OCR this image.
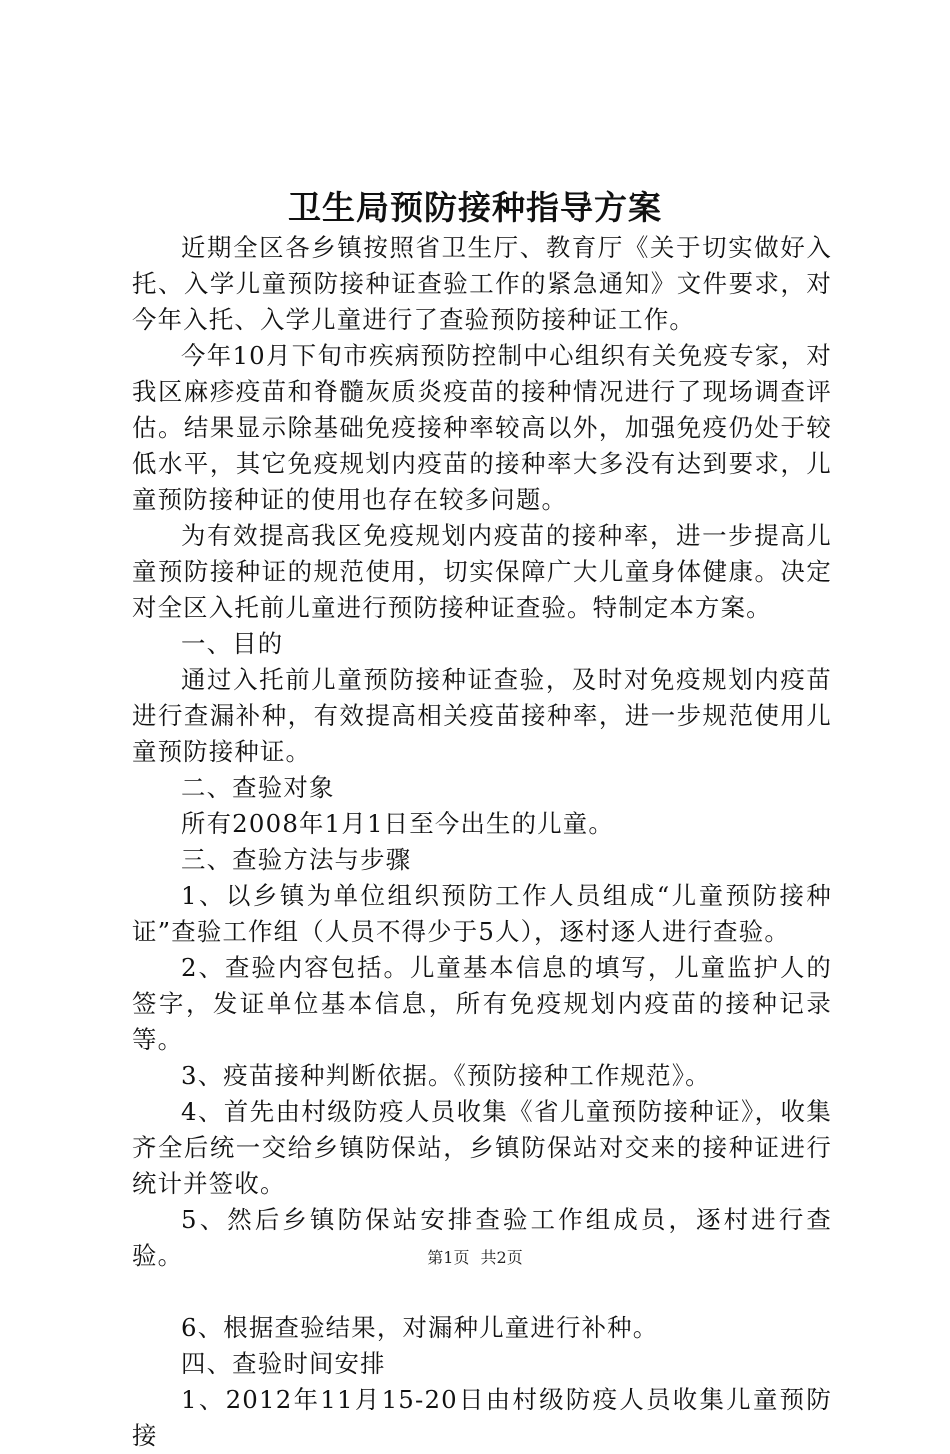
卫生局预防接种指导方案

近期全区各乡镇按照省卫生厅、教育厅《关于切实做好入托、入学儿童预防接种证查验工作的紧急通知》文件要求，对今年入托、入学儿童进行了查验预防接种证工作。

今年10月下旬市疾病预防控制中心组织有关免疫专家，对我区麻疹疫苗和脊髓灰质炎疫苗的接种情况进行了现场调查评估。结果显示除基础免疫接种率较高以外，加强免疫仍处于较低水平，其它免疫规划内疫苗的接种率大多没有达到要求，儿童预防接种证的使用也存在较多问题。

为有效提高我区免疫规划内疫苗的接种率，进一步提高儿童预防接种证的规范使用，切实保障广大儿童身体健康。决定对全区入托前儿童进行预防接种证查验。特制定本方案。

一、目的

通过入托前儿童预防接种证查验，及时对免疫规划内疫苗进行查漏补种，有效提高相关疫苗接种率，进一步规范使用儿童预防接种证。

二、查验对象

所有2008年1月1日至今出生的儿童。

三、查验方法与步骤

1、以乡镇为单位组织预防工作人员组成“儿童预防接种证”查验工作组（人员不得少于5人），逐村逐人进行查验。

2、查验内容包括。儿童基本信息的填写，儿童监护人的签字，发证单位基本信息，所有免疫规划内疫苗的接种记录等。

3、疫苗接种判断依据。《预防接种工作规范》。

4、首先由村级防疫人员收集《省儿童预防接种证》，收集齐全后统一交给乡镇防保站，乡镇防保站对交来的接种证进行统计并签收。

5、然后乡镇防保站安排查验工作组成员，逐村进行查验。

6、根据查验结果，对漏种儿童进行补种。

四、查验时间安排

1、2012年11月15-20日由村级防疫人员收集儿童预防接

第1页 共2页
